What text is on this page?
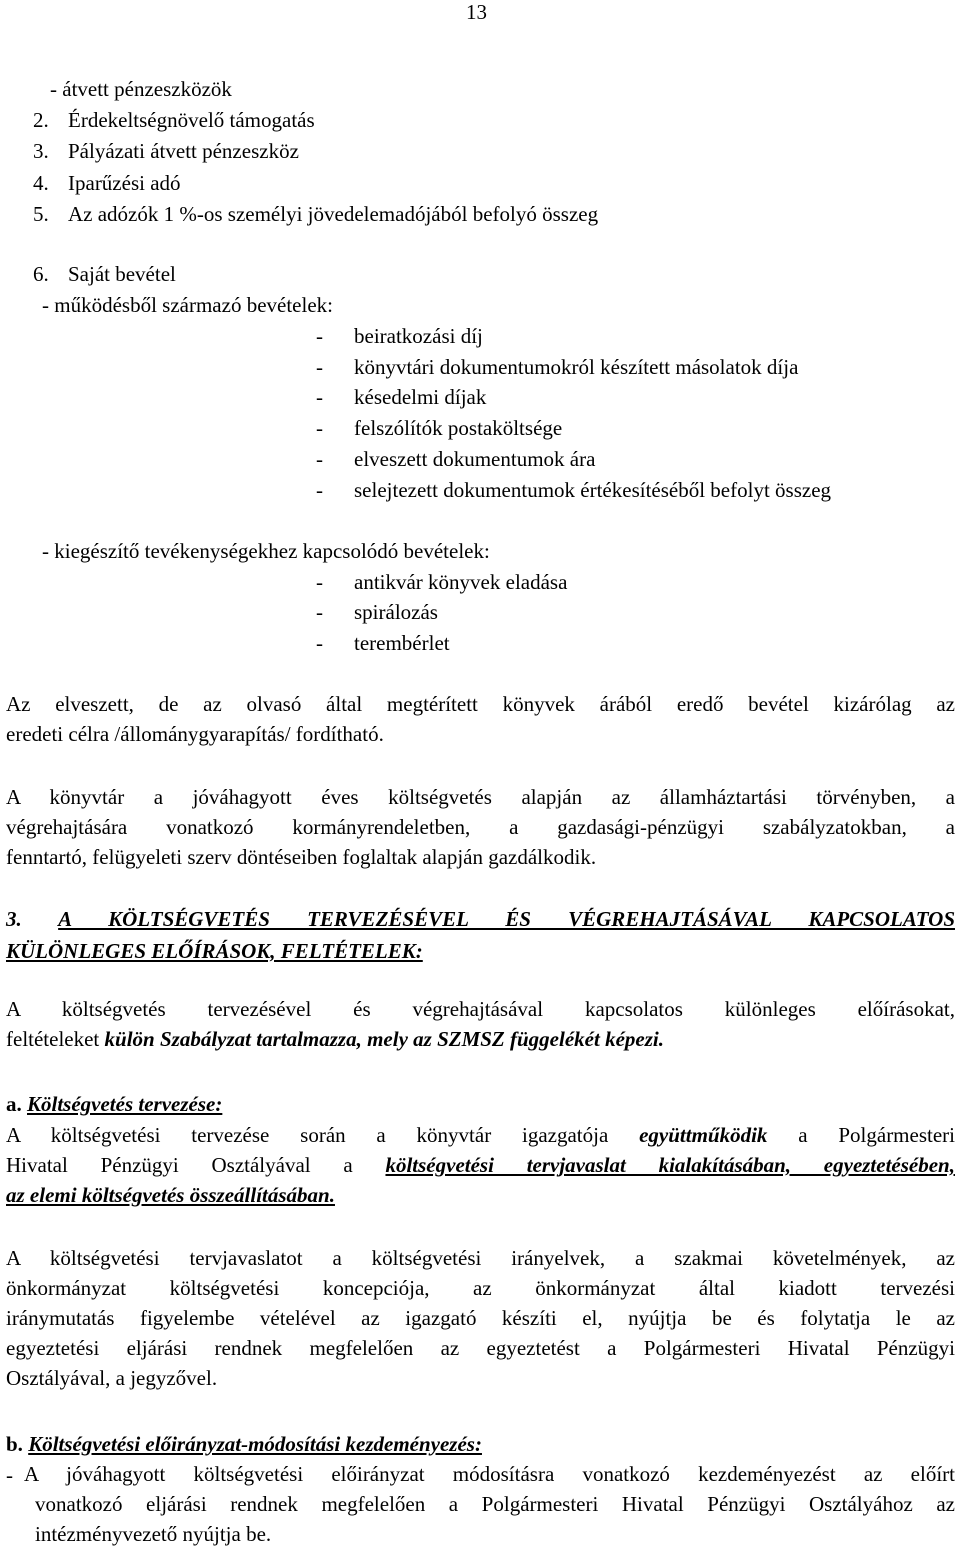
13
- átvett pénzeszközök
2. Érdekeltségnövelő támogatás
3. Pályázati átvett pénzeszköz
4. Iparűzési adó
5. Az adózók 1 %-os személyi jövedelemadójából befolyó összeg
6. Saját bevétel
- működésből származó bevételek:
- beiratkozási díj
- könyvtári dokumentumokról készített másolatok díja
- késedelmi díjak
- felszólítók postaköltsége
- elveszett dokumentumok ára
- selejtezett dokumentumok értékesítéséből befolyt összeg
- kiegészítő tevékenységekhez kapcsolódó bevételek:
- antikvár könyvek eladása
- spirálozás
- terembérlet
Az elveszett, de az olvasó által megtérített könyvek árából eredő bevétel kizárólag az
eredeti célra /állománygyarapítás/ fordítható.
A könyvtár a jóváhagyott éves költségvetés alapján az államháztartási törvényben, a
végrehajtására vonatkozó kormányrendeletben, a gazdasági-pénzügyi szabályzatokban, a
fenntartó, felügyeleti szerv döntéseiben foglaltak alapján gazdálkodik.
3. A KÖLTSÉGVETÉS TERVEZÉSÉVEL ÉS VÉGREHAJTÁSÁVAL KAPCSOLATOS
KÜLÖNLEGES ELŐÍRÁSOK, FELTÉTELEK:
A költségvetés tervezésével és végrehajtásával kapcsolatos különleges előírásokat,
feltételeket külön Szabályzat tartalmazza, mely az SZMSZ függelékét képezi.
a. Költségvetés tervezése:
A költségvetési tervezése során a könyvtár igazgatója együttműködik a Polgármesteri
Hivatal Pénzügyi Osztályával a költségvetési tervjavaslat kialakításában, egyeztetésében,
az elemi költségvetés összeállításában.
A költségvetési tervjavaslatot a költségvetési irányelvek, a szakmai követelmények, az
önkormányzat költségvetési koncepciója, az önkormányzat által kiadott tervezési
iránymutatás figyelembe vételével az igazgató készíti el, nyújtja be és folytatja le az
egyeztetési eljárási rendnek megfelelően az egyeztetést a Polgármesteri Hivatal Pénzügyi
Osztályával, a jegyzővel.
b. Költségvetési előirányzat-módosítási kezdeményezés:
- A jóváhagyott költségvetési előirányzat módosításra vonatkozó kezdeményezést az előírt
vonatkozó eljárási rendnek megfelelően a Polgármesteri Hivatal Pénzügyi Osztályához az
intézményvezető nyújtja be.
